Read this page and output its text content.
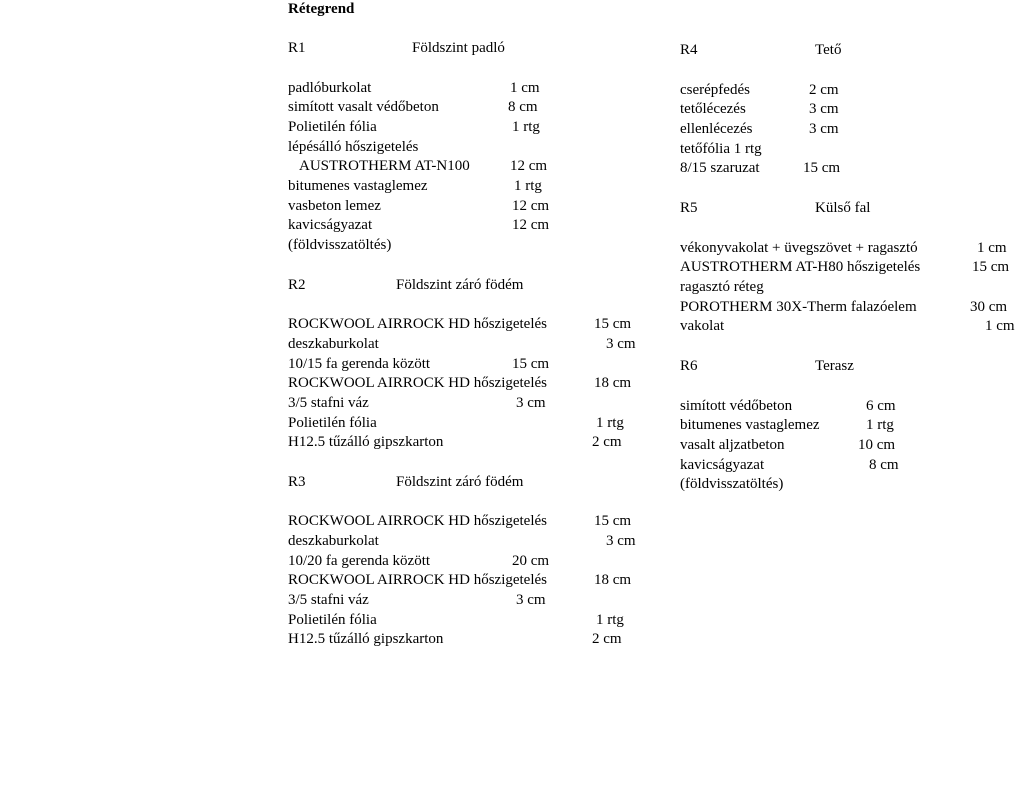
Rétegrend
R1	Földszint padló
padlóburkolat	1 cm
simított vasalt védőbeton	8 cm
Polietilén fólia	1 rtg
lépésálló hőszigetelés
AUSTROTHERM AT-N100	12 cm
bitumenes vastaglemez	1 rtg
vasbeton lemez	12 cm
kavicságyazat	12 cm
(földvisszatöltés)
R2	Földszint záró födém
ROCKWOOL AIRROCK HD hőszigetelés	15 cm
deszkaburkolat	3 cm
10/15 fa gerenda között	15 cm
ROCKWOOL AIRROCK HD hőszigetelés	18 cm
3/5 stafni váz	3 cm
Polietilén fólia	1 rtg
H12.5 tűzálló gipszkarton	2 cm
R3	Földszint záró födém
ROCKWOOL AIRROCK HD hőszigetelés	15 cm
deszkaburkolat	3 cm
10/20 fa gerenda között	20 cm
ROCKWOOL AIRROCK HD hőszigetelés	18 cm
3/5 stafni váz	3 cm
Polietilén fólia	1 rtg
H12.5 tűzálló gipszkarton	2 cm
R4	Tető
cserépfedés	2 cm
tetőlécezés	3 cm
ellenlécezés	3 cm
tetőfólia 1 rtg
8/15 szaruzat	15 cm
R5	Külső fal
vékonyvakolat + üvegszövet + ragasztó	1 cm
AUSTROTHERM AT-H80 hőszigetelés	15 cm
ragasztó réteg
POROTHERM 30X-Therm falazóelem	30 cm
vakolat	1 cm
R6	Terasz
simított védőbeton	6 cm
bitumenes vastaglemez	1 rtg
vasalt aljzatbeton	10 cm
kavicságyazat	8 cm
(földvisszatöltés)
